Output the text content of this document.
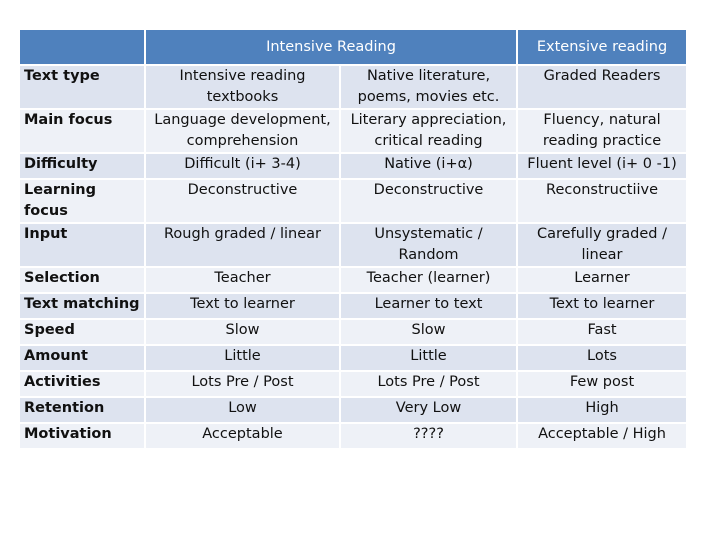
	Intensive Reading		Extensive reading
Text type	Intensive reading textbooks	Native literature, poems, movies etc.	Graded Readers
Main focus	Language development, comprehension	Literary appreciation, critical reading	Fluency, natural reading practice
Difficulty	Difficult (i+ 3-4)	Native (i+α)	Fluent level (i+ 0 -1)
Learning focus	Deconstructive	Deconstructive	Reconstructiive
Input	Rough graded / linear	Unsystematic / Random	Carefully graded / linear
Selection	Teacher	Teacher (learner)	Learner
Text matching	Text to learner	Learner to text	Text to learner
Speed	Slow	Slow	Fast
Amount	Little	Little	Lots
Activities	Lots Pre / Post	Lots Pre / Post	Few post
Retention	Low	Very Low	High
Motivation	Acceptable	????	Acceptable / High
